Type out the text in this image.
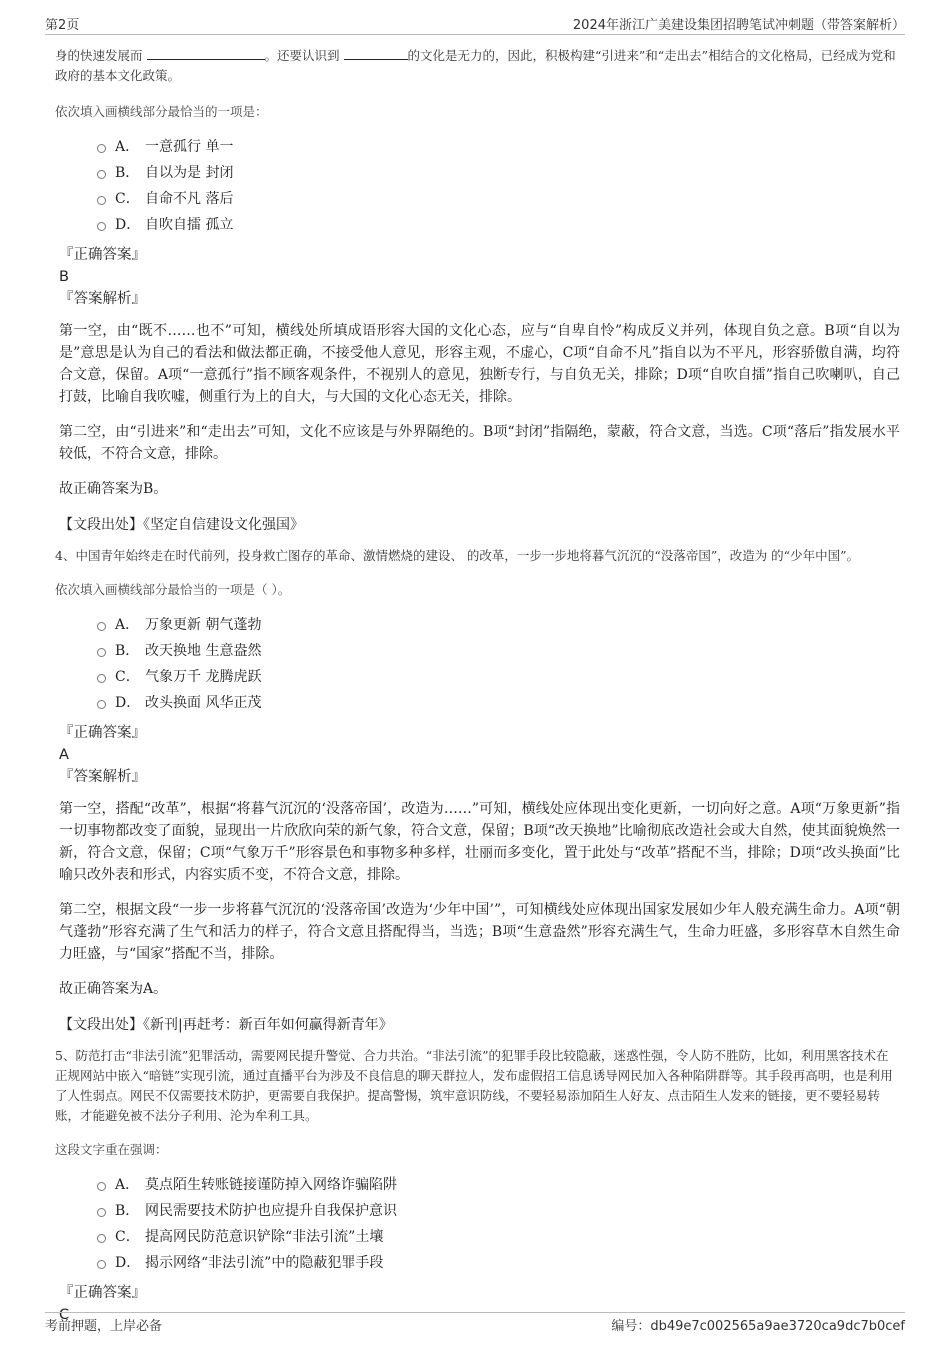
第2页	2024年浙江广美建设集团招聘笔试冲刺题（带答案解析）

身的快速发展而	。还要认识到	的文化是无力的，因此，积极构建“引进来”和“走出去”相结合的文化格局，已经成为党和政府的基本文化政策。

依次填入画横线部分最恰当的一项是：

A． 一意孤行 单一
B． 自以为是 封闭
C． 自命不凡 落后
D． 自吹自擂 孤立

『正确答案』

B

『答案解析』

第一空，由“既不……也不”可知，横线处所填成语形容大国的文化心态，应与“自卑自怜”构成反义并列，体现自负之意。B项“自以为是”意思是认为自己的看法和做法都正确，不接受他人意见，形容主观，不虚心，C项“自命不凡”指自以为不平凡，形容骄傲自满，均符合文意，保留。A项“一意孤行”指不顾客观条件，不视别人的意见，独断专行，与自负无关，排除；D项“自吹自擂”指自己吹喇叭，自己打鼓，比喻自我吹嘘，侧重行为上的自大，与大国的文化心态无关，排除。

第二空，由“引进来”和“走出去”可知，文化不应该是与外界隔绝的。B项“封闭”指隔绝，蒙蔽，符合文意，当选。C项“落后”指发展水平较低，不符合文意，排除。

故正确答案为B。

【文段出处】《坚定自信建设文化强国》

4、中国青年始终走在时代前列，投身救亡图存的革命、激情燃烧的建设、 的改革，一步一步地将暮气沉沉的“没落帝国”，改造为 的“少年中国”。

依次填入画横线部分最恰当的一项是（ ）。

A． 万象更新 朝气蓬勃
B． 改天换地 生意盎然
C． 气象万千 龙腾虎跃
D． 改头换面 风华正茂

『正确答案』

A

『答案解析』

第一空，搭配“改革”，根据“将暮气沉沉的‘没落帝国’，改造为……”可知，横线处应体现出变化更新，一切向好之意。A项“万象更新”指一切事物都改变了面貌，显现出一片欣欣向荣的新气象，符合文意，保留；B项“改天换地”比喻彻底改造社会或大自然，使其面貌焕然一新，符合文意，保留；C项“气象万千”形容景色和事物多种多样，壮丽而多变化，置于此处与“改革”搭配不当，排除；D项“改头换面”比喻只改外表和形式，内容实质不变，不符合文意，排除。

第二空，根据文段“一步一步将暮气沉沉的‘没落帝国’改造为‘少年中国’”，可知横线处应体现出国家发展如少年人般充满生命力。A项“朝气蓬勃”形容充满了生气和活力的样子，符合文意且搭配得当，当选；B项“生意盎然”形容充满生气，生命力旺盛，多形容草木自然生命力旺盛，与“国家”搭配不当，排除。

故正确答案为A。

【文段出处】《新刊|再赶考：新百年如何赢得新青年》

5、防范打击“非法引流”犯罪活动，需要网民提升警觉、合力共治。“非法引流”的犯罪手段比较隐蔽，迷惑性强，令人防不胜防，比如，利用黑客技术在正规网站中嵌入“暗链”实现引流，通过直播平台为涉及不良信息的聊天群拉人，发布虚假招工信息诱导网民加入各种陷阱群等。其手段再高明，也是利用了人性弱点。网民不仅需要技术防护，更需要自我保护。提高警惕，筑牢意识防线，不要轻易添加陌生人好友、点击陌生人发来的链接，更不要轻易转账，才能避免被不法分子利用、沦为牟利工具。

这段文字重在强调：

A． 莫点陌生转账链接谨防掉入网络诈骗陷阱
B． 网民需要技术防护也应提升自我保护意识
C． 提高网民防范意识铲除“非法引流”土壤
D． 揭示网络“非法引流”中的隐蔽犯罪手段

『正确答案』

C

考前押题，上岸必备	编号：db49e7c002565a9ae3720ca9dc7b0cef
